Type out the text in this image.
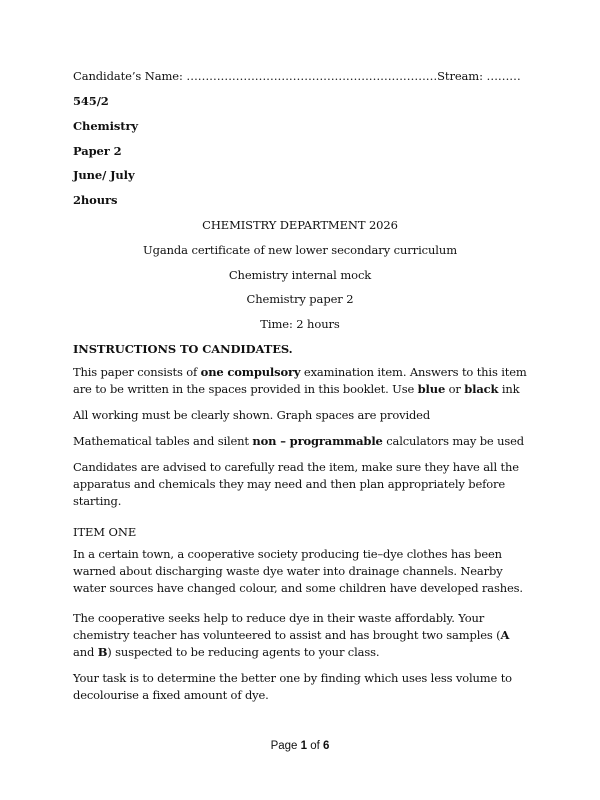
Candidate’s Name: …………………………………………………………Stream: ………
545/2
Chemistry
Paper 2
June/ July
2hours
CHEMISTRY DEPARTMENT 2026
Uganda certificate of new lower secondary curriculum
Chemistry internal mock
Chemistry paper 2
Time: 2 hours
INSTRUCTIONS TO CANDIDATES.
This paper consists of one compulsory examination item. Answers to this item are to be written in the spaces provided in this booklet. Use blue or black ink
All working must be clearly shown. Graph spaces are provided
Mathematical tables and silent non – programmable calculators may be used
Candidates are advised to carefully read the item, make sure they have all the apparatus and chemicals they may need and then plan appropriately before starting.
ITEM ONE
In a certain town, a cooperative society producing tie–dye clothes has been warned about discharging waste dye water into drainage channels. Nearby water sources have changed colour, and some children have developed rashes.
The cooperative seeks help to reduce dye in their waste affordably. Your chemistry teacher has volunteered to assist and has brought two samples (A and B) suspected to be reducing agents to your class.
Your task is to determine the better one by finding which uses less volume to decolourise a fixed amount of dye.
Page 1 of 6
